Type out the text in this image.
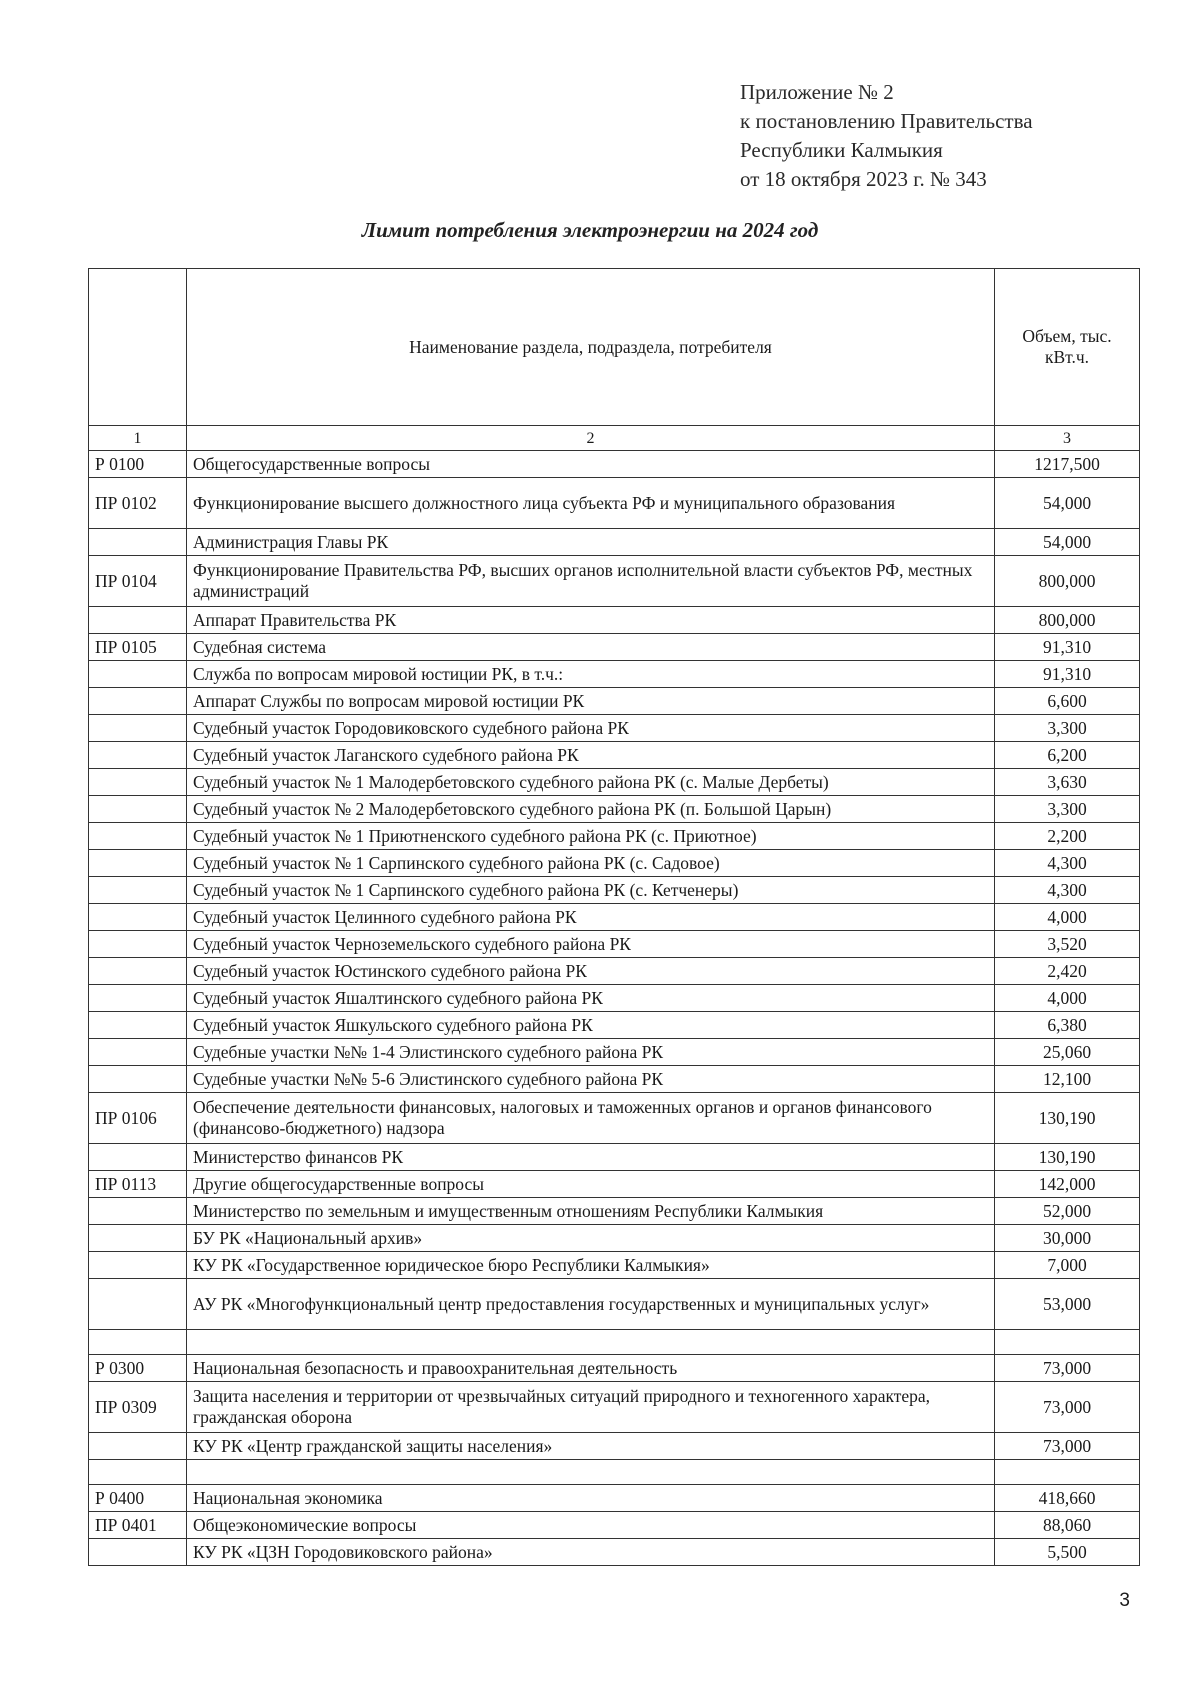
Приложение № 2
к постановлению Правительства
Республики Калмыкия
от 18 октября 2023 г. № 343
Лимит потребления электроэнергии на 2024 год
	Наименование раздела, подраздела, потребителя	Объем, тыс. кВт.ч.
1	2	3
Р 0100	Общегосударственные вопросы	1217,500
ПР 0102	Функционирование высшего должностного лица субъекта РФ и муниципального образования	54,000
	Администрация Главы РК	54,000
ПР 0104	Функционирование Правительства РФ, высших органов исполнительной власти субъектов РФ, местных администраций	800,000
	Аппарат Правительства РК	800,000
ПР 0105	Судебная система	91,310
	Служба по вопросам мировой юстиции РК, в т.ч.:	91,310
	Аппарат Службы по вопросам мировой юстиции РК	6,600
	Судебный участок Городовиковского судебного района РК	3,300
	Судебный участок Лаганского судебного района РК	6,200
	Судебный участок № 1 Малодербетовского судебного района РК (с. Малые Дербеты)	3,630
	Судебный участок № 2 Малодербетовского судебного района РК (п. Большой Царын)	3,300
	Судебный участок № 1 Приютненского судебного района РК (с. Приютное)	2,200
	Судебный участок № 1 Сарпинского судебного района РК (с. Садовое)	4,300
	Судебный участок № 1 Сарпинского судебного района РК (с. Кетченеры)	4,300
	Судебный участок Целинного судебного района РК	4,000
	Судебный участок Черноземельского судебного района РК	3,520
	Судебный участок Юстинского судебного района РК	2,420
	Судебный участок Яшалтинского судебного района РК	4,000
	Судебный участок Яшкульского судебного района РК	6,380
	Судебные участки №№ 1-4 Элистинского судебного района РК	25,060
	Судебные участки №№ 5-6 Элистинского судебного района РК	12,100
ПР 0106	Обеспечение деятельности финансовых, налоговых и таможенных органов и органов финансового (финансово-бюджетного) надзора	130,190
	Министерство финансов РК	130,190
ПР 0113	Другие общегосударственные вопросы	142,000
	Министерство по земельным и имущественным отношениям Республики Калмыкия	52,000
	БУ РК «Национальный архив»	30,000
	КУ РК «Государственное юридическое бюро Республики Калмыкия»	7,000
	АУ РК «Многофункциональный центр предоставления государственных и муниципальных услуг»	53,000

Р 0300	Национальная безопасность и правоохранительная деятельность	73,000
ПР 0309	Защита населения и территории от чрезвычайных ситуаций природного и техногенного характера, гражданская оборона	73,000
	КУ РК «Центр гражданской защиты населения»	73,000

Р 0400	Национальная экономика	418,660
ПР 0401	Общеэкономические вопросы	88,060
	КУ РК «ЦЗН Городовиковского района»	5,500
3
